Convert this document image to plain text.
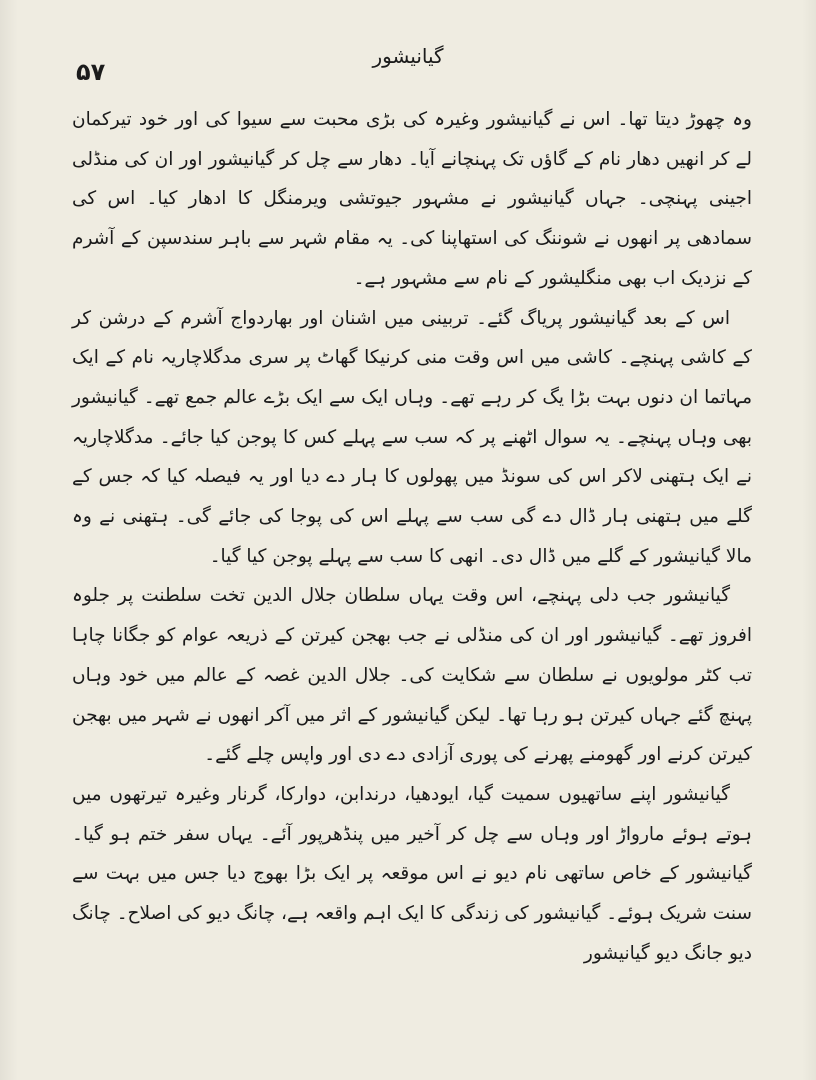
گیانیشور
۵۷

وہ چھوڑ دیتا تھا۔ اس نے گیانیشور وغیرہ کی بڑی محبت سے سیوا کی اور خود تیرکمان لے کر انھیں دھار نام کے گاؤں تک پہنچانے آیا۔ دھار سے چل کر گیانیشور اور ان کی منڈلی اجینی پہنچی۔ جہاں گیانیشور نے مشہور جیوتشی ویرمنگل کا ادھار کیا۔ اس کی سمادھی پر انھوں نے شوننگ کی استھاپنا کی۔ یہ مقام شہر سے باہر سندسپن کے آشرم کے نزدیک اب بھی منگلیشور کے نام سے مشہور ہے۔

اس کے بعد گیانیشور پریاگ گئے۔ تربینی میں اشنان اور بھاردواج آشرم کے درشن کر کے کاشی پہنچے۔ کاشی میں اس وقت منی کرنیکا گھاٹ پر سری مدگلاچاریہ نام کے ایک مہاتما ان دنوں بہت بڑا یگ کر رہے تھے۔ وہاں ایک سے ایک بڑے عالم جمع تھے۔ گیانیشور بھی وہاں پہنچے۔ یہ سوال اٹھنے پر کہ سب سے پہلے کس کا پوجن کیا جائے۔ مدگلاچاریہ نے ایک ہتھنی لاکر اس کی سونڈ میں پھولوں کا ہار دے دیا اور یہ فیصلہ کیا کہ جس کے گلے میں ہتھنی ہار ڈال دے گی سب سے پہلے اس کی پوجا کی جائے گی۔ ہتھنی نے وہ مالا گیانیشور کے گلے میں ڈال دی۔ انھی کا سب سے پہلے پوجن کیا گیا۔

گیانیشور جب دلی پہنچے، اس وقت یہاں سلطان جلال الدین تخت سلطنت پر جلوہ افروز تھے۔ گیانیشور اور ان کی منڈلی نے جب بھجن کیرتن کے ذریعہ عوام کو جگانا چاہا تب کٹر مولویوں نے سلطان سے شکایت کی۔ جلال الدین غصہ کے عالم میں خود وہاں پہنچ گئے جہاں کیرتن ہو رہا تھا۔ لیکن گیانیشور کے اثر میں آکر انھوں نے شہر میں بھجن کیرتن کرنے اور گھومنے پھرنے کی پوری آزادی دے دی اور واپس چلے گئے۔

گیانیشور اپنے ساتھیوں سمیت گیا، ایودھیا، درندابن، دوارکا، گرنار وغیرہ تیرتھوں میں ہوتے ہوئے مارواڑ اور وہاں سے چل کر آخیر میں پنڈھرپور آئے۔ یہاں سفر ختم ہو گیا۔ گیانیشور کے خاص ساتھی نام دیو نے اس موقعہ پر ایک بڑا بھوج دیا جس میں بہت سے سنت شریک ہوئے۔ گیانیشور کی زندگی کا ایک اہم واقعہ ہے، چانگ دیو کی اصلاح۔ چانگ دیو جانگ دیو گیانیشور
